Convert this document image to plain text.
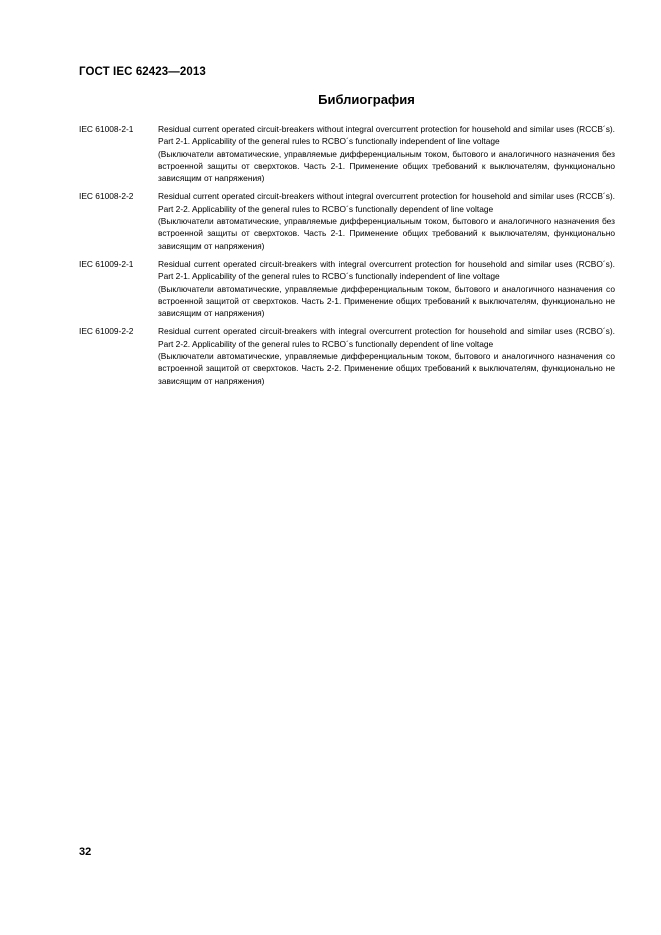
ГОСТ IEC 62423—2013
Библиография
IEC 61008-2-1	Residual current operated circuit-breakers without integral overcurrent protection for household and similar uses (RCCB´s). Part 2-1. Applicability of the general rules to RCBO´s functionally independent of line voltage

(Выключатели автоматические, управляемые дифференциальным током, бытового и аналогичного назначения без встроенной защиты от сверхтоков. Часть 2-1. Применение общих требований к выключателям, функционально зависящим от напряжения)

IEC 61008-2-2	Residual current operated circuit-breakers without integral overcurrent protection for household and similar uses (RCCB´s). Part 2-2. Applicability of the general rules to RCBO´s functionally dependent of line voltage

(Выключатели автоматические, управляемые дифференциальным током, бытового и аналогичного назначения без встроенной защиты от сверхтоков. Часть 2-1. Применение общих требований к выключателям, функционально зависящим от напряжения)

IEC 61009-2-1	Residual current operated circuit-breakers with integral overcurrent protection for household and similar uses (RCBO´s). Part 2-1. Applicability of the general rules to RCBO´s functionally independent of line voltage

(Выключатели автоматические, управляемые дифференциальным током, бытового и аналогичного назначения со встроенной защитой от сверхтоков. Часть 2-1. Применение общих требований к выключателям, функционально не зависящим от напряжения)

IEC 61009-2-2	Residual current operated circuit-breakers with integral overcurrent protection for household and similar uses (RCBO´s). Part 2-2. Applicability of the general rules to RCBO´s functionally dependent of line voltage

(Выключатели автоматические, управляемые дифференциальным током, бытового и аналогичного назначения со встроенной защитой от сверхтоков. Часть 2-2. Применение общих требований к выключателям, функционально не зависящим от напряжения)

32
